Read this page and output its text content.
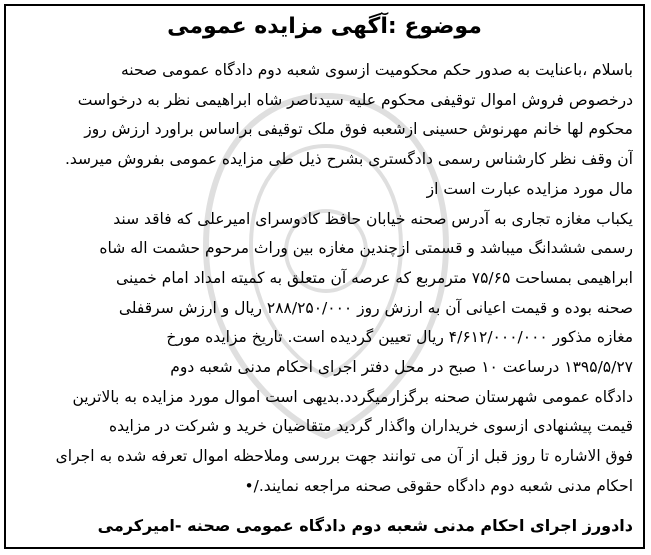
موضوع :آگهی مزایده عمومی
باسلام ،باعنایت به صدور حکم محکومیت ازسوی شعبه دوم دادگاه عمومی صحنه
درخصوص فروش اموال توقیفی محکوم علیه سیدناصر شاه ابراهیمی نظر به درخواست
محکوم لها خانم مهرنوش حسینی ازشعبه فوق ملک توقیفی براساس براورد ارزش روز
آن وقف نظر کارشناس رسمی دادگستری بشرح ذیل طی مزایده عمومی بفروش میرسد.
مال مورد مزایده عبارت است از
یکباب مغازه تجاری به آدرس صحنه خیابان حافظ کادوسرای امیرعلی که فاقد سند
رسمی ششدانگ میباشد و قسمتی ازچندین مغازه بین وراث مرحوم حشمت اله شاه
ابراهیمی بمساحت ۷۵/۶۵ مترمربع که عرصه آن متعلق به کمیته امداد امام خمینی
صحنه بوده و قیمت اعیانی آن به ارزش روز ۲۸۸/۲۵۰/۰۰۰ ریال و ارزش سرقفلی
مغازه مذکور ۴/۶۱۲/۰۰۰/۰۰۰ ریال تعیین گردیده است. تاریخ مزایده مورخ
۱۳۹۵/۵/۲۷ درساعت ۱۰ صبح در محل دفتر اجرای احکام مدنی شعبه دوم
دادگاه عمومی شهرستان صحنه برگزارمیگردد.بدیهی است اموال مورد مزایده به بالاترین
قیمت پیشنهادی ازسوی خریداران واگذار گردید متقاضیان خرید و شرکت در مزایده
فوق الاشاره تا روز قبل از آن می توانند جهت بررسی وملاحظه اموال تعرفه شده به اجرای
احکام مدنی شعبه دوم دادگاه حقوقی صحنه مراجعه نمایند./•
دادورز اجرای احکام مدنی شعبه دوم دادگاه عمومی صحنه -امیرکرمی
